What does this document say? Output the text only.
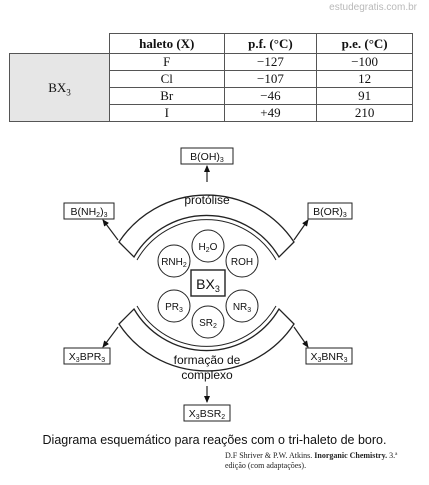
estudegratis.com.br
	haleto (X)	p.f. (°C)	p.e. (°C)
$BX_3$	F	−127	−100
	Cl	−107	12
	Br	−46	91
	I	+49	210
$BX_3$
$H_2O$
$RNH_2$	ROH
$PR_3$	$NR_3$
$SR_2$
protólise
formação de
complexo
B(OH)3
B(NH2)3	B(OR)3
X3BPR3	X3BNR3
X3BSR2
Diagrama esquemático para reações com o tri-haleto de boro.
D.F Shriver & P.W. Atkins. Inorganic Chemistry. 3.ª edição (com adaptações).
